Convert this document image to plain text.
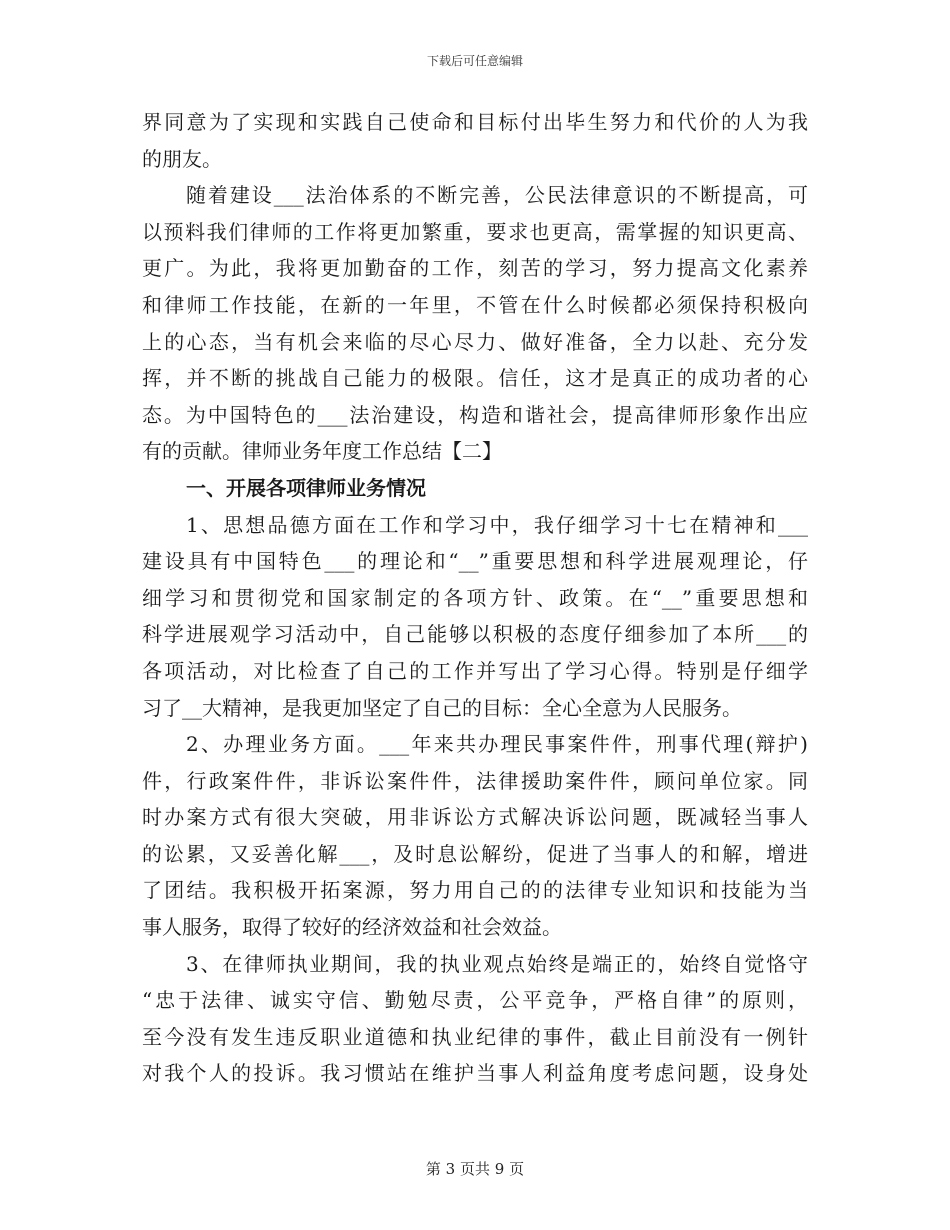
下载后可任意编辑
界同意为了实现和实践自己使命和目标付出毕生努力和代价的人为我
的朋友。
随着建设___法治体系的不断完善，公民法律意识的不断提高，可
以预料我们律师的工作将更加繁重，要求也更高，需掌握的知识更高、
更广。为此，我将更加勤奋的工作，刻苦的学习，努力提高文化素养
和律师工作技能，在新的一年里，不管在什么时候都必须保持积极向
上的心态，当有机会来临的尽心尽力、做好准备，全力以赴、充分发
挥，并不断的挑战自己能力的极限。信任，这才是真正的成功者的心
态。为中国特色的___法治建设，构造和谐社会，提高律师形象作出应
有的贡献。律师业务年度工作总结【二】
一、开展各项律师业务情况
1、思想品德方面在工作和学习中，我仔细学习十七在精神和___
建设具有中国特色___的理论和“__”重要思想和科学进展观理论，仔
细学习和贯彻党和国家制定的各项方针、政策。在“__”重要思想和
科学进展观学习活动中，自己能够以积极的态度仔细参加了本所___的
各项活动，对比检查了自己的工作并写出了学习心得。特别是仔细学
习了__大精神，是我更加坚定了自己的目标：全心全意为人民服务。
2、办理业务方面。___年来共办理民事案件件，刑事代理(辩护)
件，行政案件件，非诉讼案件件，法律援助案件件，顾问单位家。同
时办案方式有很大突破，用非诉讼方式解决诉讼问题，既减轻当事人
的讼累，又妥善化解___，及时息讼解纷，促进了当事人的和解，增进
了团结。我积极开拓案源，努力用自己的的法律专业知识和技能为当
事人服务，取得了较好的经济效益和社会效益。
3、在律师执业期间，我的执业观点始终是端正的，始终自觉恪守
“忠于法律、诚实守信、勤勉尽责，公平竞争，严格自律”的原则，
至今没有发生违反职业道德和执业纪律的事件，截止目前没有一例针
对我个人的投诉。我习惯站在维护当事人利益角度考虑问题，设身处
第 3 页共 9 页
